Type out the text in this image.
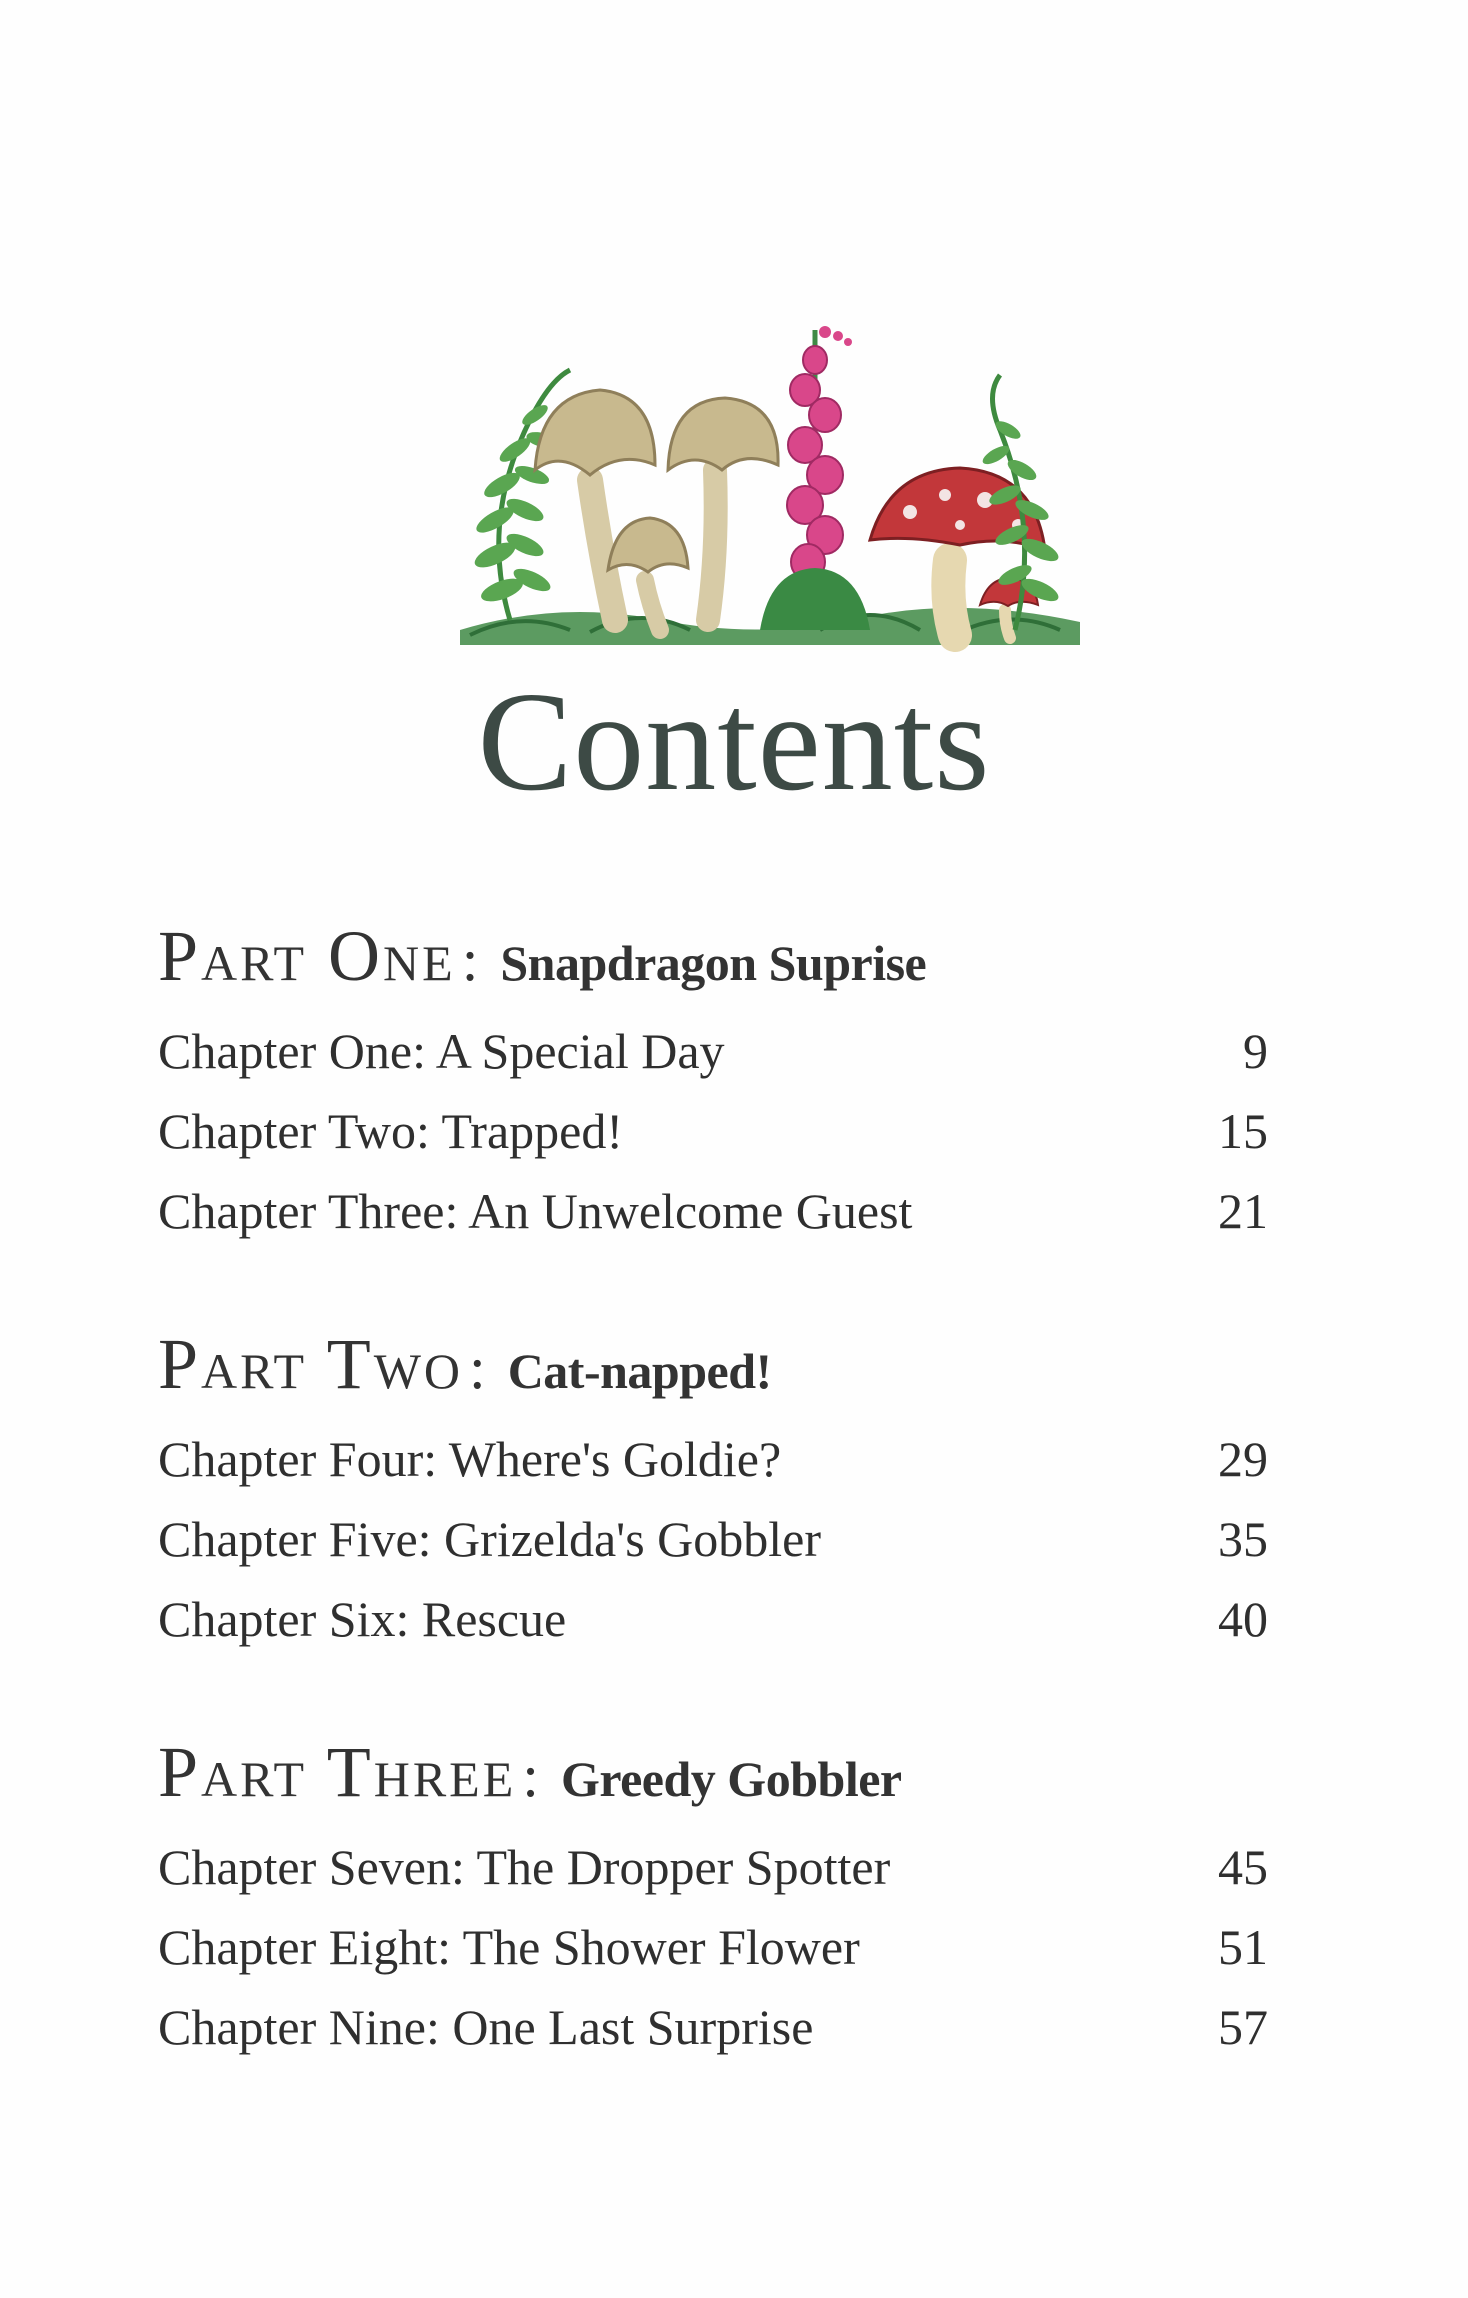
Contents
Part One : Snapdragon Suprise
Chapter One: A Special Day	9
Chapter Two: Trapped!	15
Chapter Three: An Unwelcome Guest	21
Part Two : Cat-napped!
Chapter Four: Where's Goldie?	29
Chapter Five: Grizelda's Gobbler	35
Chapter Six: Rescue	40
Part Three : Greedy Gobbler
Chapter Seven: The Dropper Spotter	45
Chapter Eight: The Shower Flower	51
Chapter Nine: One Last Surprise	57
